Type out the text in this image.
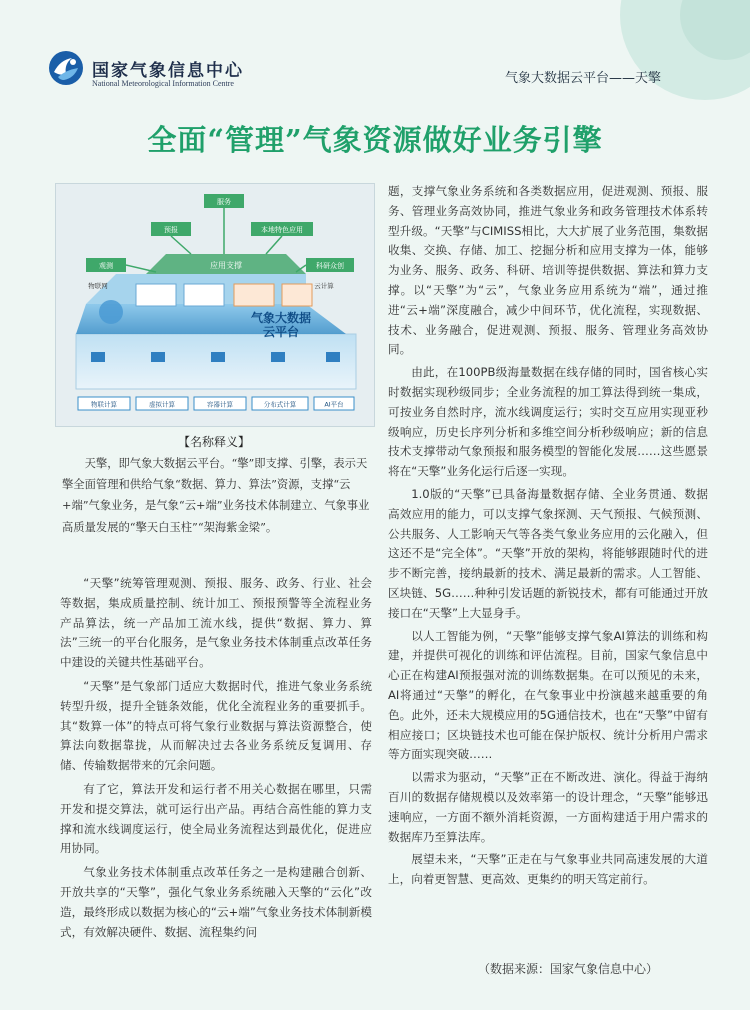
国家气象信息中心
National Meteorological Information Centre	气象大数据云平台——天擎
全面“管理”气象资源做好业务引擎
应用支撑
服务
预报	本地特色应用
观测	科研众创
物联网	云计算
气象大数据
云平台
物联计算	虚拟计算	容器计算	分布式计算	AI平台
【名称释义】
天擎，即气象大数据云平台。“擎”即支撑、引擎，表示天擎全面管理和供给气象“数据、算力、算法”资源，支撑“云+端”气象业务，是气象“云+端”业务技术体制建立、气象事业高质量发展的“擎天白玉柱”“架海紫金梁”。

“天擎”统筹管理观测、预报、服务、政务、行业、社会等数据，集成质量控制、统计加工、预报预警等全流程业务产品算法，统一产品加工流水线，提供“数据、算力、算法”三统一的平台化服务，是气象业务技术体制重点改革任务中建设的关键共性基础平台。

“天擎”是气象部门适应大数据时代，推进气象业务系统转型升级，提升全链条效能，优化全流程业务的重要抓手。其“数算一体”的特点可将气象行业数据与算法资源整合，使算法向数据靠拢，从而解决过去各业务系统反复调用、存储、传输数据带来的冗余问题。

有了它，算法开发和运行者不用关心数据在哪里，只需开发和提交算法，就可运行出产品。再结合高性能的算力支撑和流水线调度运行，使全局业务流程达到最优化，促进应用协同。

气象业务技术体制重点改革任务之一是构建融合创新、开放共享的“天擎”，强化气象业务系统融入天擎的“云化”改造，最终形成以数据为核心的“云+端”气象业务技术体制新模式，有效解决硬件、数据、流程集约问

题，支撑气象业务系统和各类数据应用，促进观测、预报、服务、管理业务高效协同，推进气象业务和政务管理技术体系转型升级。“天擎”与CIMISS相比，大大扩展了业务范围，集数据收集、交换、存储、加工、挖掘分析和应用支撑为一体，能够为业务、服务、政务、科研、培训等提供数据、算法和算力支撑。以“天擎”为“云”，气象业务应用系统为“端”，通过推进“云+端”深度融合，减少中间环节，优化流程，实现数据、技术、业务融合，促进观测、预报、服务、管理业务高效协同。

由此，在100PB级海量数据在线存储的同时，国省核心实时数据实现秒级同步；全业务流程的加工算法得到统一集成，可按业务自然时序，流水线调度运行；实时交互应用实现亚秒级响应，历史长序列分析和多维空间分析秒级响应；新的信息技术支撑带动气象预报和服务模型的智能化发展……这些愿景将在“天擎”业务化运行后逐一实现。

1.0版的“天擎”已具备海量数据存储、全业务贯通、数据高效应用的能力，可以支撑气象探测、天气预报、气候预测、公共服务、人工影响天气等各类气象业务应用的云化融入，但这还不是“完全体”。“天擎”开放的架构，将能够跟随时代的进步不断完善，接纳最新的技术、满足最新的需求。人工智能、区块链、5G……种种引发话题的新锐技术，都有可能通过开放接口在“天擎”上大显身手。

以人工智能为例，“天擎”能够支撑气象AI算法的训练和构建，并提供可视化的训练和评估流程。目前，国家气象信息中心正在构建AI预报强对流的训练数据集。在可以预见的未来，AI将通过“天擎”的孵化，在气象事业中扮演越来越重要的角色。此外，还未大规模应用的5G通信技术，也在“天擎”中留有相应接口；区块链技术也可能在保护版权、统计分析用户需求等方面实现突破……

以需求为驱动，“天擎”正在不断改进、演化。得益于海纳百川的数据存储规模以及效率第一的设计理念，“天擎”能够迅速响应，一方面不额外消耗资源，一方面构建适于用户需求的数据库乃至算法库。

展望未来，“天擎”正走在与气象事业共同高速发展的大道上，向着更智慧、更高效、更集约的明天笃定前行。

（数据来源：国家气象信息中心）
